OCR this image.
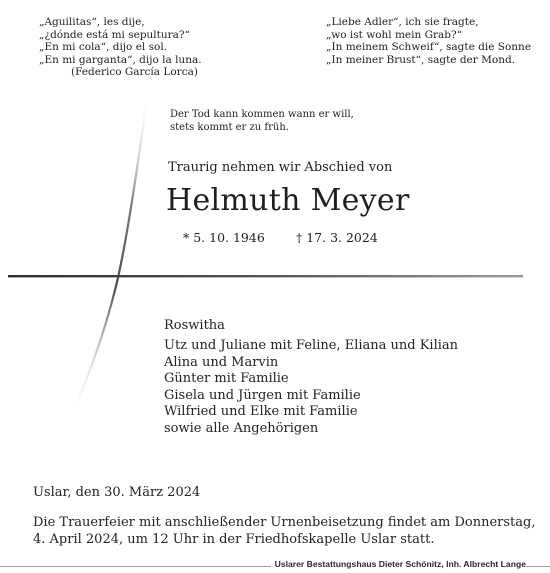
„Aguilitas“, les dije,
„¿dónde está mi sepultura?“
„En mi cola“, dijo el sol.
„En mi garganta“, dijo la luna.
(Federico García Lorca)
„Liebe Adler“, ich sie fragte,
„wo ist wohl mein Grab?“
„In meinem Schweif“, sagte die Sonne
„In meiner Brust“, sagte der Mond.
Der Tod kann kommen wann er will,
stets kommt er zu früh.
Traurig nehmen wir Abschied von
Helmuth Meyer
* 5. 10. 1946 † 17. 3. 2024
Roswitha
Utz und Juliane mit Feline, Eliana und Kilian
Alina und Marvin
Günter mit Familie
Gisela und Jürgen mit Familie
Wilfried und Elke mit Familie
sowie alle Angehörigen
Uslar, den 30. März 2024
Die Trauerfeier mit anschließender Urnenbeisetzung findet am Donnerstag,
4. April 2024, um 12 Uhr in der Friedhofskapelle Uslar statt.
Uslarer Bestattungshaus Dieter Schönitz, Inh. Albrecht Lange
